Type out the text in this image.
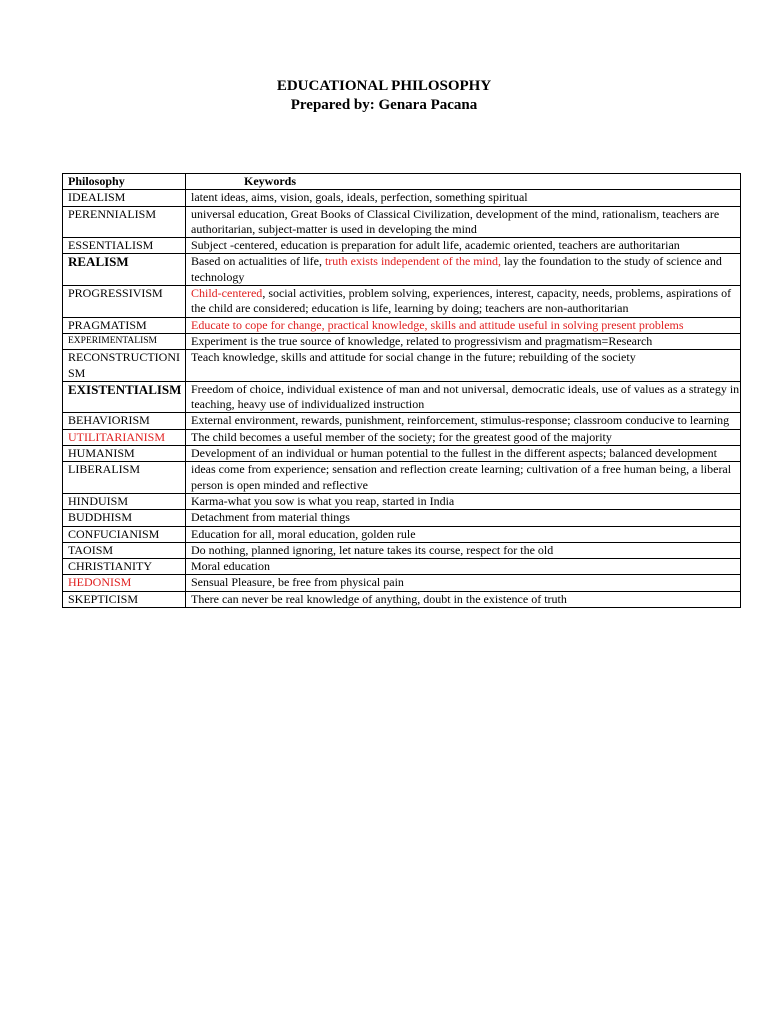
EDUCATIONAL PHILOSOPHY
Prepared by: Genara Pacana
Philosophy	Keywords
IDEALISM	latent ideas, aims, vision, goals, ideals, perfection, something spiritual
PERENNIALISM	universal education, Great Books of Classical Civilization, development of the mind, rationalism, teachers are authoritarian, subject-matter is used in developing the mind
ESSENTIALISM	Subject -centered, education is preparation for adult life, academic oriented, teachers are authoritarian
REALISM	Based on actualities of life, truth exists independent of the mind, lay the foundation to the study of science and technology
PROGRESSIVISM	Child-centered, social activities, problem solving, experiences, interest, capacity, needs, problems, aspirations of the child are considered; education is life, learning by doing; teachers are non-authoritarian
PRAGMATISM	Educate to cope for change, practical knowledge, skills and attitude useful in solving present problems
EXPERIMENTALISM	Experiment is the true source of knowledge, related to progressivism and pragmatism=Research
RECONSTRUCTIONISM	Teach knowledge, skills and attitude for social change in the future; rebuilding of the society
EXISTENTIALISM	Freedom of choice, individual existence of man and not universal, democratic ideals, use of values as a strategy in teaching, heavy use of individualized instruction
BEHAVIORISM	External environment, rewards, punishment, reinforcement, stimulus-response; classroom conducive to learning
UTILITARIANISM	The child becomes a useful member of the society; for the greatest good of the majority
HUMANISM	Development of an individual or human potential to the fullest in the different aspects; balanced development
LIBERALISM	ideas come from experience; sensation and reflection create learning; cultivation of a free human being, a liberal person is open minded and reflective
HINDUISM	Karma-what you sow is what you reap, started in India
BUDDHISM	Detachment from material things
CONFUCIANISM	Education for all, moral education, golden rule
TAOISM	Do nothing, planned ignoring, let nature takes its course, respect for the old
CHRISTIANITY	Moral education
HEDONISM	Sensual Pleasure, be free from physical pain
SKEPTICISM	There can never be real knowledge of anything, doubt in the existence of truth
